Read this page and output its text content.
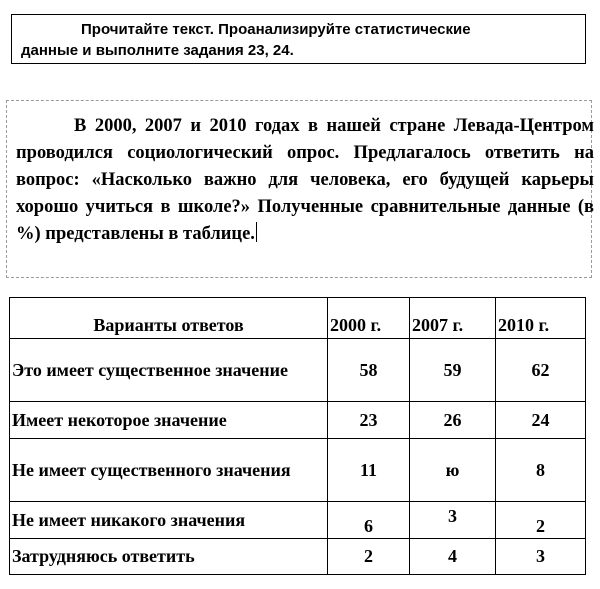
Прочитайте текст. Проанализируйте статистические
данные и выполните задания 23, 24.
В 2000, 2007 и 2010 годах в нашей стране Левада-Центром проводился социологический опрос. Предлагалось ответить на вопрос: «Насколько важно для человека, его будущей карьеры хорошо учиться в школе?» Полученные сравнительные данные (в %) представлены в таблице.
Варианты ответов	2000 г.	2007 г.	2010 г.
Это имеет существенное значение	58	59	62
Имеет некоторое значение	23	26	24
Не имеет существенного значения	11	ю	8
Не имеет никакого значения	6	3	2
Затрудняюсь ответить	2	4	3
